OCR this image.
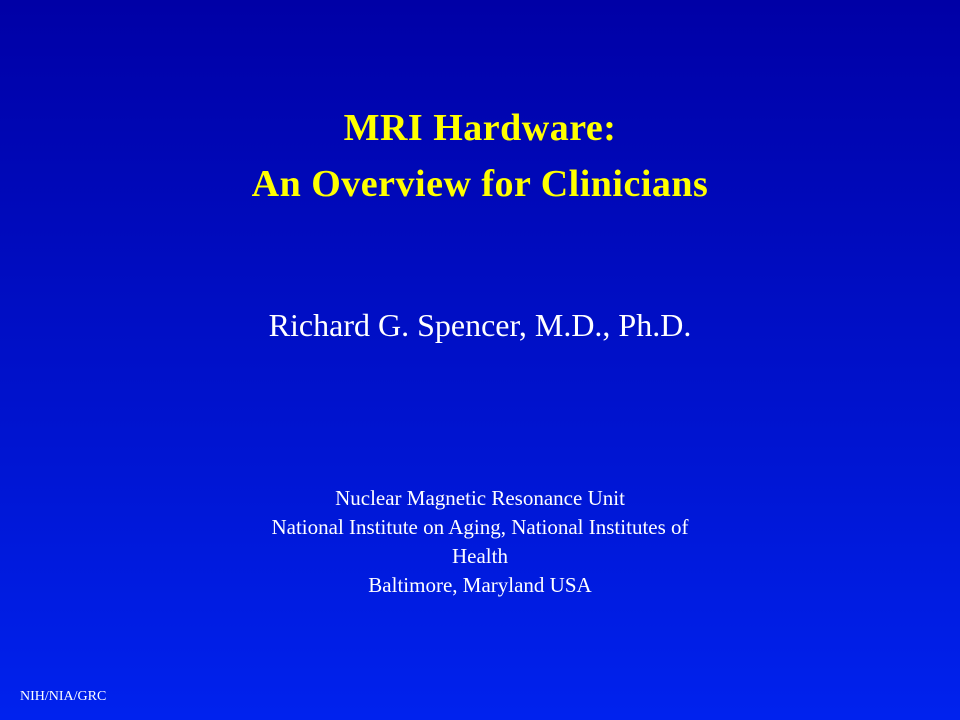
MRI Hardware:
An Overview for Clinicians
Richard G. Spencer, M.D., Ph.D.
Nuclear Magnetic Resonance Unit
National Institute on Aging, National Institutes of
Health
Baltimore, Maryland USA
NIH/NIA/GRC
